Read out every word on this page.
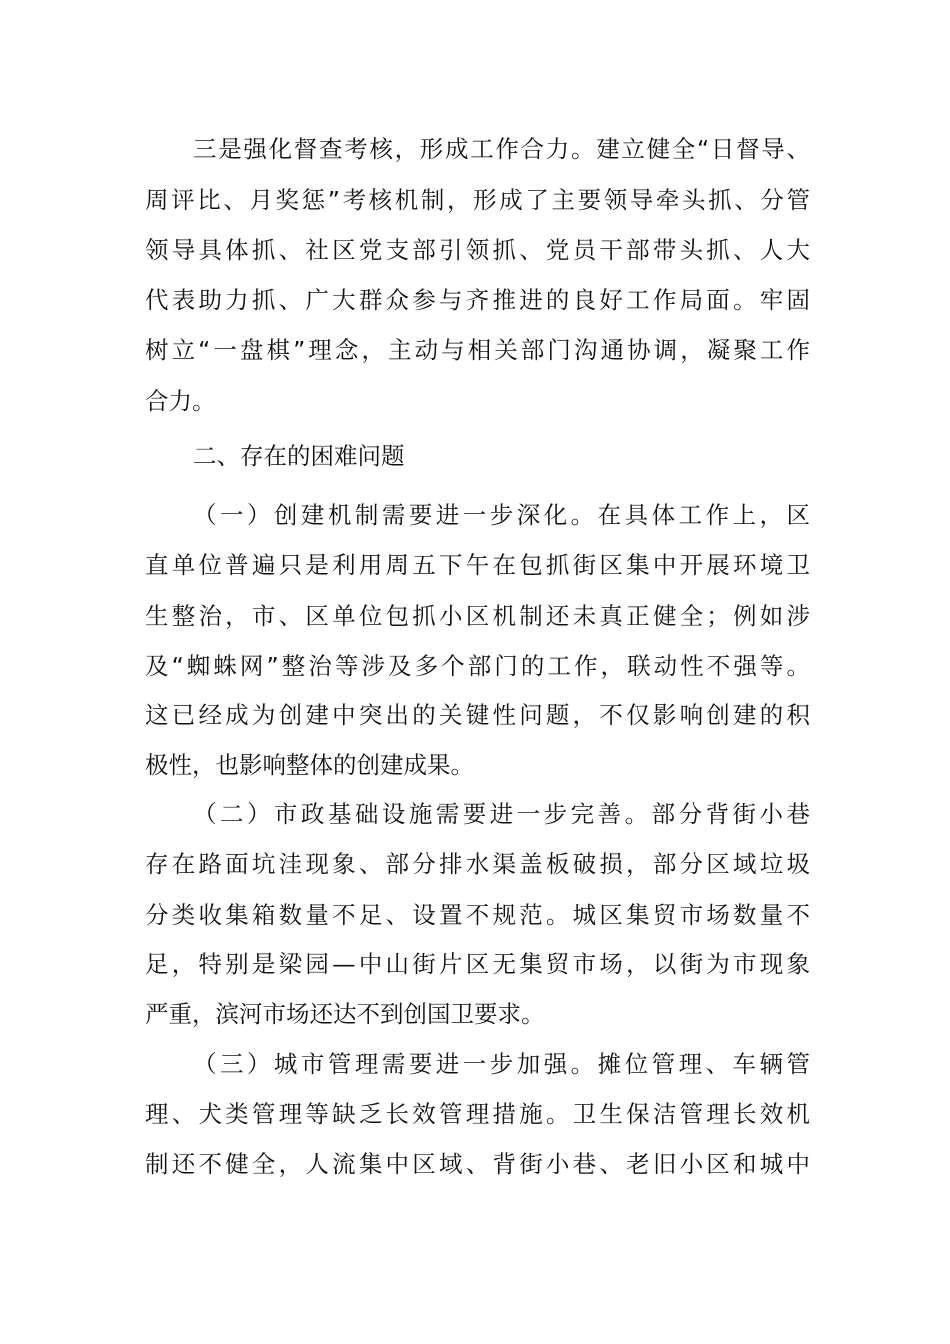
三是强化督查考核，形成工作合力。建立健全“日督导、

周评比、月奖惩”考核机制，形成了主要领导牵头抓、分管

领导具体抓、社区党支部引领抓、党员干部带头抓、人大

代表助力抓、广大群众参与齐推进的良好工作局面。牢固

树立“一盘棋”理念，主动与相关部门沟通协调，凝聚工作

合力。

二、存在的困难问题

（一）创建机制需要进一步深化。在具体工作上，区

直单位普遍只是利用周五下午在包抓街区集中开展环境卫

生整治，市、区单位包抓小区机制还未真正健全；例如涉

及“蜘蛛网”整治等涉及多个部门的工作，联动性不强等。

这已经成为创建中突出的关键性问题，不仅影响创建的积

极性，也影响整体的创建成果。

（二）市政基础设施需要进一步完善。部分背街小巷

存在路面坑洼现象、部分排水渠盖板破损，部分区域垃圾

分类收集箱数量不足、设置不规范。城区集贸市场数量不

足，特别是梁园—中山街片区无集贸市场，以街为市现象

严重，滨河市场还达不到创国卫要求。

（三）城市管理需要进一步加强。摊位管理、车辆管

理、犬类管理等缺乏长效管理措施。卫生保洁管理长效机

制还不健全，人流集中区域、背街小巷、老旧小区和城中
